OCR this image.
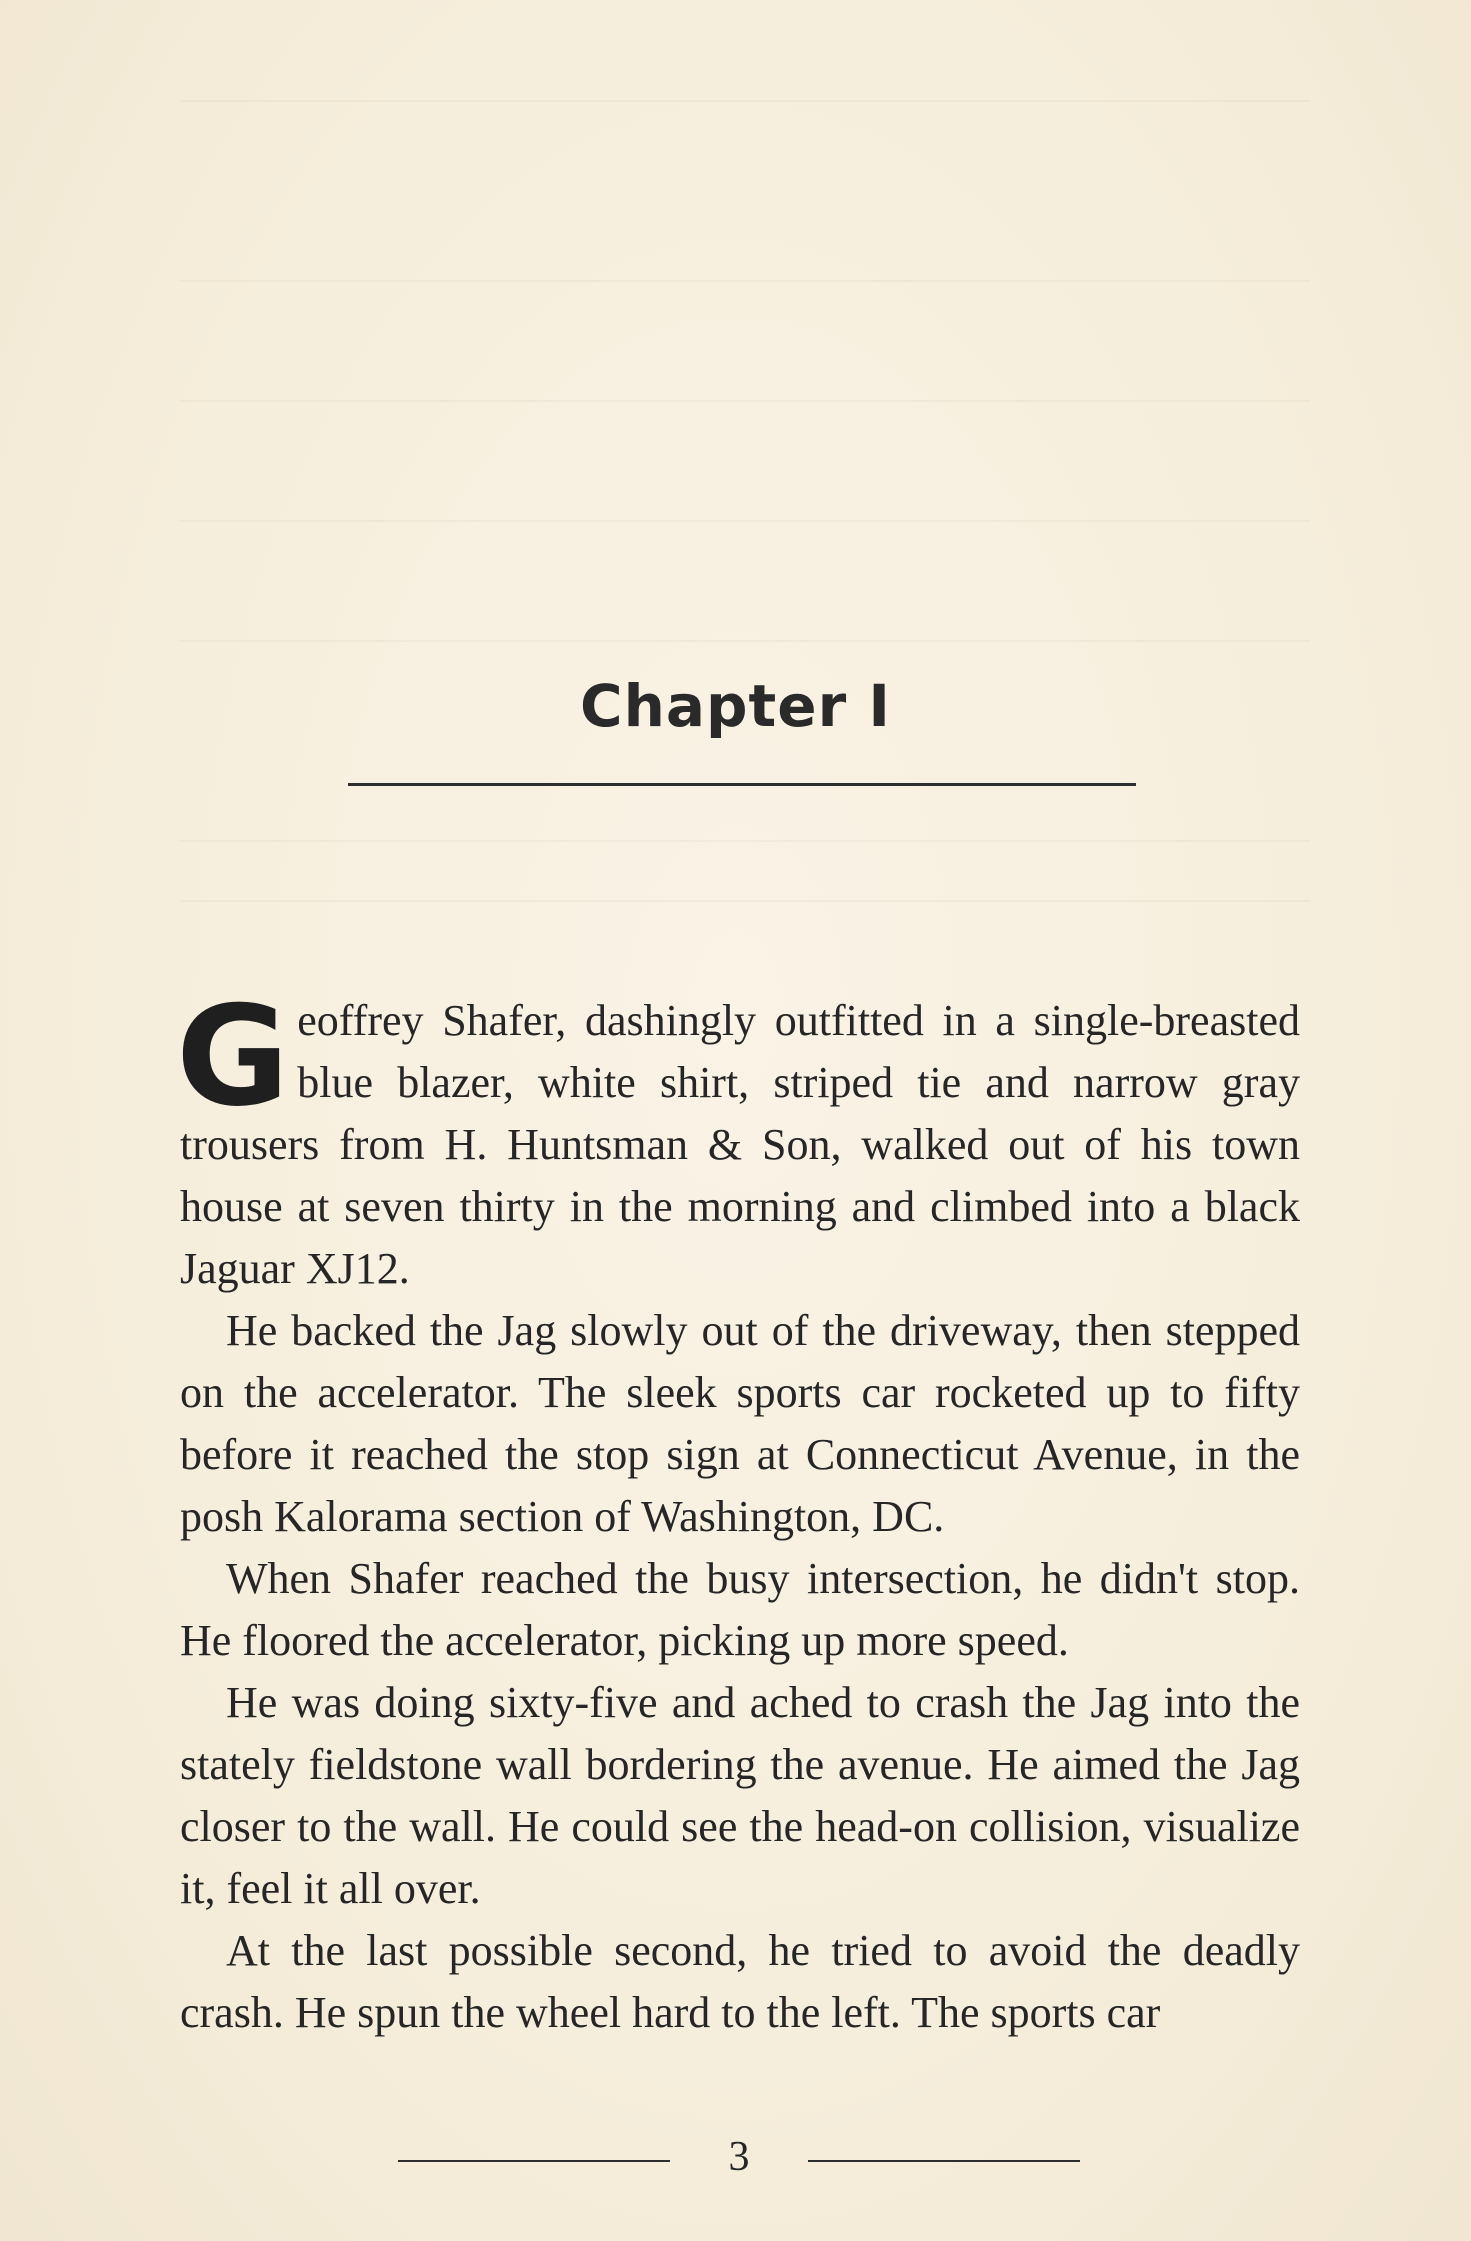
Chapter I

Geoffrey Shafer, dashingly outfitted in a single-breasted blue blazer, white shirt, striped tie and narrow gray trousers from H. Huntsman & Son, walked out of his town house at seven thirty in the morning and climbed into a black Jaguar XJ12.

He backed the Jag slowly out of the driveway, then stepped on the accelerator. The sleek sports car rocketed up to fifty before it reached the stop sign at Connecticut Avenue, in the posh Kalorama section of Washington, DC.

When Shafer reached the busy intersection, he didn't stop. He floored the accelerator, picking up more speed.

He was doing sixty-five and ached to crash the Jag into the stately fieldstone wall bordering the avenue. He aimed the Jag closer to the wall. He could see the head-on collision, visualize it, feel it all over.

At the last possible second, he tried to avoid the deadly crash. He spun the wheel hard to the left. The sports car

3
